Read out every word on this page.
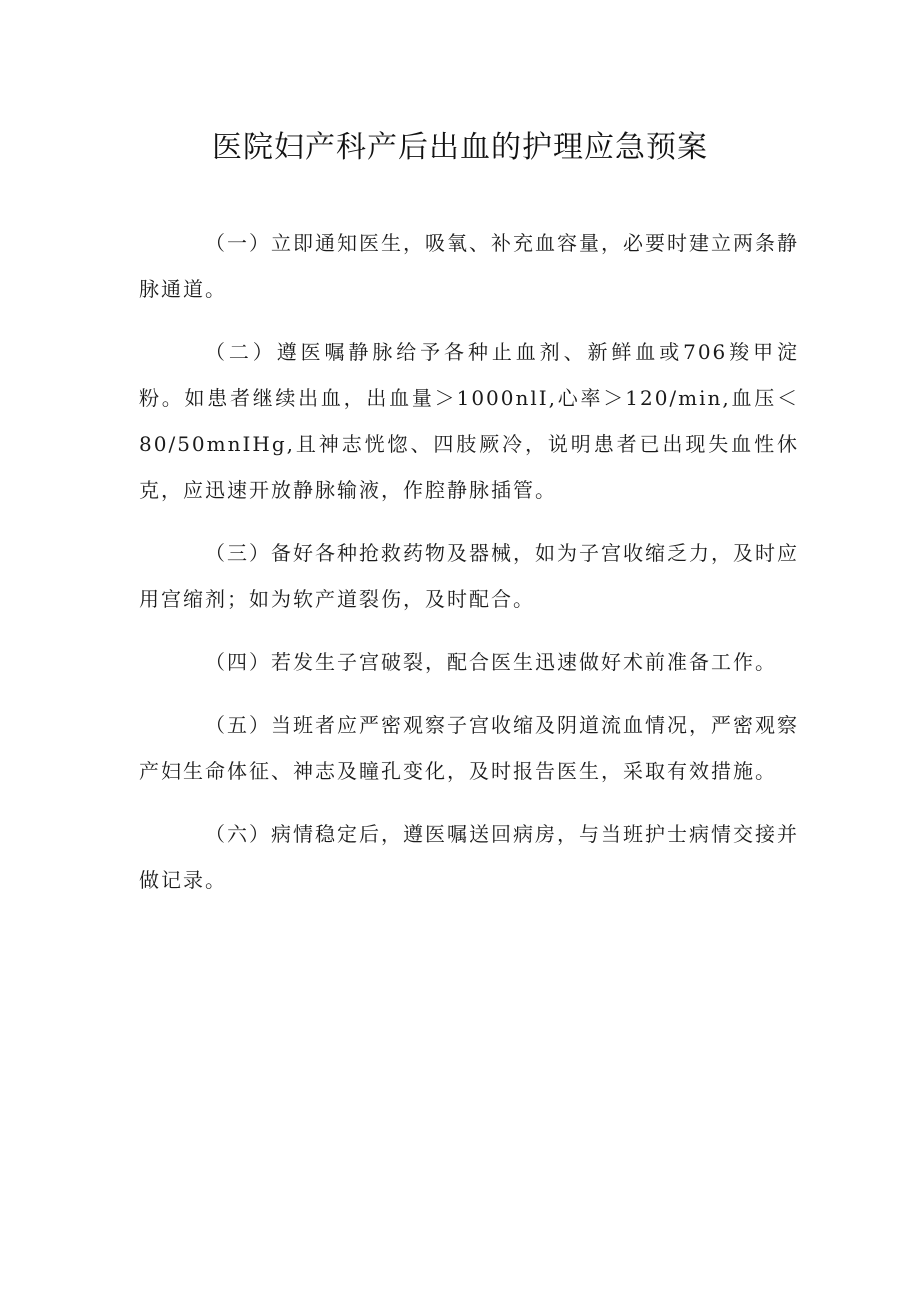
医院妇产科产后出血的护理应急预案

（一）立即通知医生，吸氧、补充血容量，必要时建立两条静脉通道。

（二）遵医嘱静脉给予各种止血剂、新鲜血或706羧甲淀粉。如患者继续出血，出血量＞1000nlI,心率＞120/min,血压＜80/50mnIHg,且神志恍惚、四肢厥冷，说明患者已出现失血性休克，应迅速开放静脉输液，作腔静脉插管。

（三）备好各种抢救药物及器械，如为子宫收缩乏力，及时应用宫缩剂；如为软产道裂伤，及时配合。

（四）若发生子宫破裂，配合医生迅速做好术前准备工作。

（五）当班者应严密观察子宫收缩及阴道流血情况，严密观察产妇生命体征、神志及瞳孔变化，及时报告医生，采取有效措施。

（六）病情稳定后，遵医嘱送回病房，与当班护士病情交接并做记录。
